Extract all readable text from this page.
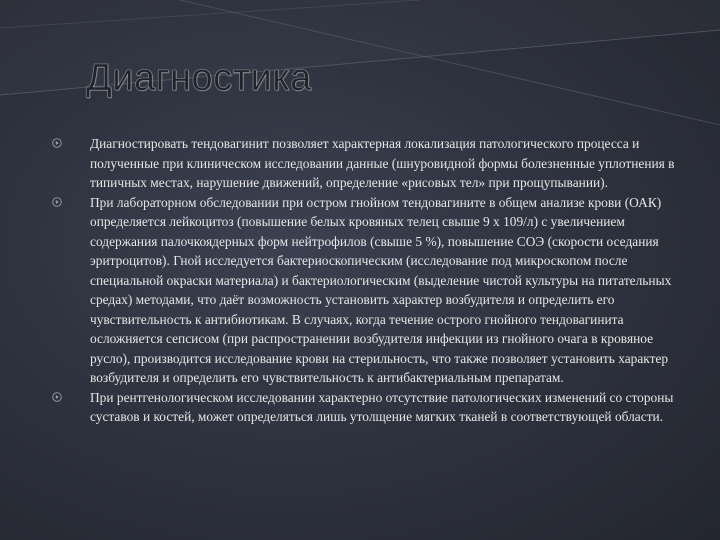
Диагностика
Диагностировать тендовагинит позволяет характерная локализация патологического процесса и полученные при клиническом исследовании данные (шнуровидной формы болезненные уплотнения в типичных местах, нарушение движений, определение «рисовых тел» при прощупывании).
При лабораторном обследовании при остром гнойном тендовагините в общем анализе крови (ОАК) определяется лейкоцитоз (повышение белых кровяных телец свыше 9 х 109/л) с увеличением содержания палочкоядерных форм нейтрофилов (свыше 5 %), повышение СОЭ (скорости оседания эритроцитов). Гной исследуется бактериоскопическим (исследование под микроскопом после специальной окраски материала) и бактериологическим (выделение чистой культуры на питательных средах) методами, что даёт возможность установить характер возбудителя и определить его чувствительность к антибиотикам. В случаях, когда течение острого гнойного тендовагинита осложняется сепсисом (при распространении возбудителя инфекции из гнойного очага в кровяное русло), производится исследование крови на стерильность, что также позволяет установить характер возбудителя и определить его чувствительность к антибактериальным препаратам.
При рентгенологическом исследовании характерно отсутствие патологических изменений со стороны суставов и костей, может определяться лишь утолщение мягких тканей в соответствующей области.
